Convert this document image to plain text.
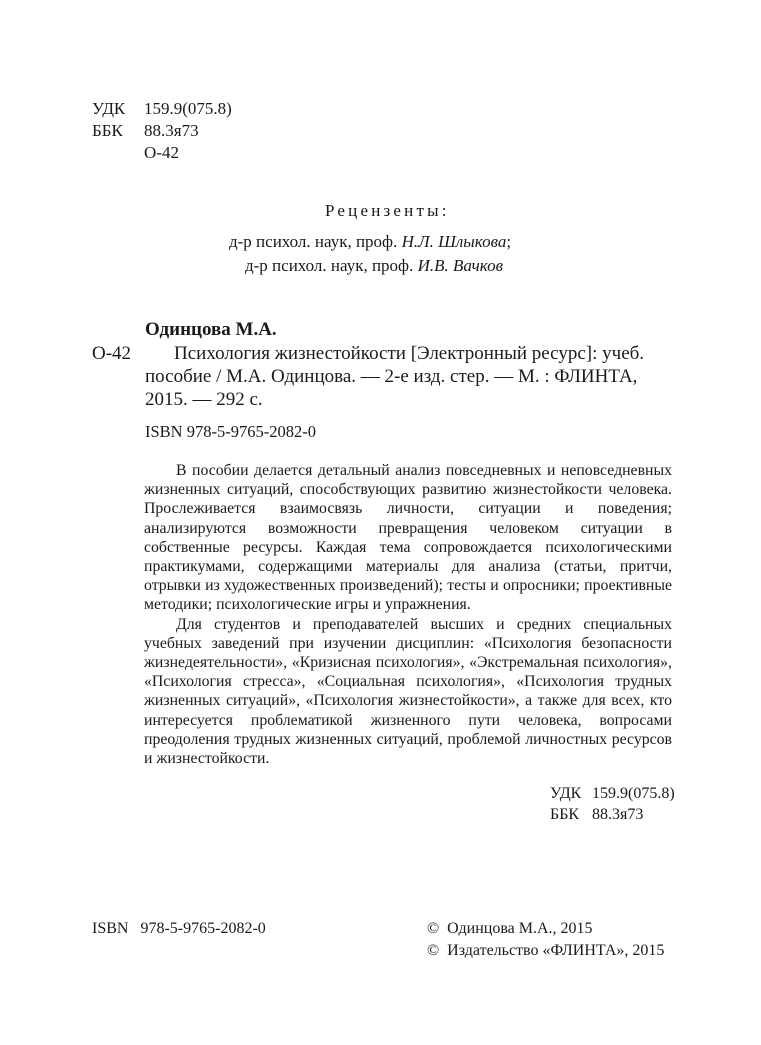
УДК	159.9(075.8)
ББК	88.3я73
О-42
Рецензенты:
д-р психол. наук, проф. Н.Л. Шлыкова;
д-р психол. наук, проф. И.В. Вачков
Одинцова М.А.
О-42 Психология жизнестойкости [Электронный ресурс]: учеб.
пособие / М.А. Одинцова. — 2-е изд. стер. — М. : ФЛИНТА,
2015. — 292 с.
ISBN 978-5-9765-2082-0

В пособии делается детальный анализ повседневных и неповседневных жизненных ситуаций, способствующих развитию жизнестойкости человека. Прослеживается взаимосвязь личности, ситуации и поведения; анализируются возможности превращения человеком ситуации в собственные ресурсы. Каждая тема сопровождается психологическими практикумами, содержащими материалы для анализа (статьи, притчи, отрывки из художественных произведений); тесты и опросники; проективные методики; психологические игры и упражнения.

Для студентов и преподавателей высших и средних специальных учебных заведений при изучении дисциплин: «Психология безопасности жизнедеятельности», «Кризисная психология», «Экстремальная психология», «Психология стресса», «Социальная психология», «Психология трудных жизненных ситуаций», «Психология жизнестойкости», а также для всех, кто интересуется проблематикой жизненного пути человека, вопросами преодоления трудных жизненных ситуаций, проблемой личностных ресурсов и жизнестойкости.

УДК 159.9(075.8)
ББК 88.3я73
ISBN   978-5-9765-2082-0	©  Одинцова М.А., 2015
©  Издательство «ФЛИНТА», 2015
